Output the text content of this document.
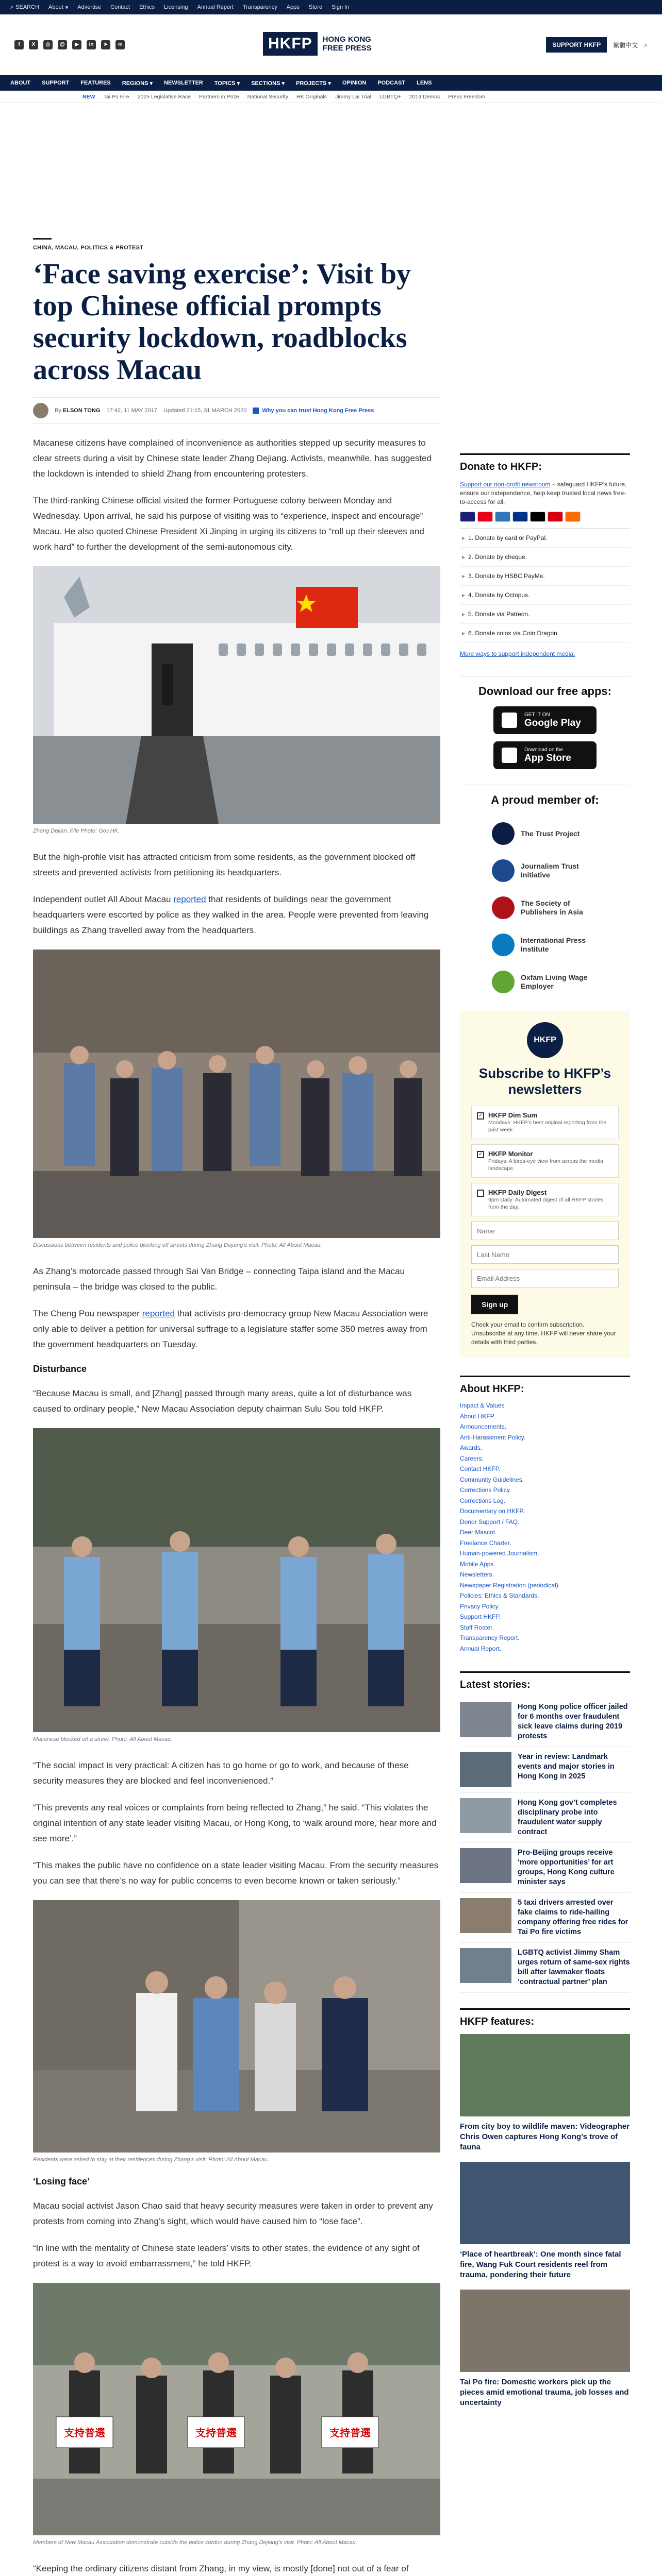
⌕ SEARCH About ▾ Advertise Contact Ethics Licensing Annual Report Transparency Apps Store Sign In
f	X	◎	@	▶	in	➤	≋	HKFP	HONG KONG
FREE PRESS	SUPPORT HKFP	繁體中文 ⌕
ABOUT SUPPORT FEATURES REGIONS ▾ NEWSLETTER TOPICS ▾ SECTIONS ▾ PROJECTS ▾ OPINION PODCAST LENS
NEW Tai Po Fire 2025 Legislative Race Partners in Prize National Security HK Originals Jimmy Lai Trial LGBTQ+ 2019 Demos Press Freedom
CHINA, MACAU, POLITICS & PROTEST
‘Face saving exercise’: Visit by top Chinese official prompts security lockdown, roadblocks across Macau
By ELSON TONG 17:42, 11 MAY 2017 Updated 21:15, 31 MARCH 2020	Why you can trust Hong Kong Free Press

Macanese citizens have complained of inconvenience as authorities stepped up security measures to clear streets during a visit by Chinese state leader Zhang Dejiang. Activists, meanwhile, has suggested the lockdown is intended to shield Zhang from encountering protesters.

The third-ranking Chinese official visited the former Portuguese colony between Monday and Wednesday. Upon arrival, he said his purpose of visiting was to “experience, inspect and encourage” Macau. He also quoted Chinese President Xi Jinping in urging its citizens to “roll up their sleeves and work hard” to further the development of the semi-autonomous city.

Zhang Dejian. File Photo: Gov.HK.

But the high-profile visit has attracted criticism from some residents, as the government blocked off streets and prevented activists from petitioning its headquarters.

Independent outlet All About Macau reported that residents of buildings near the government headquarters were escorted by police as they walked in the area. People were prevented from leaving buildings as Zhang travelled away from the headquarters.

Discussions between residents and police blocking off streets during Zhang Dejiang’s visit. Photo: All About Macau.

As Zhang’s motorcade passed through Sai Van Bridge – connecting Taipa island and the Macau peninsula – the bridge was closed to the public.

The Cheng Pou newspaper reported that activists pro-democracy group New Macau Association were only able to deliver a petition for universal suffrage to a legislature staffer some 350 metres away from the government headquarters on Tuesday.

Disturbance

“Because Macau is small, and [Zhang] passed through many areas, quite a lot of disturbance was caused to ordinary people,” New Macau Association deputy chairman Sulu Sou told HKFP.

Macanese blocked off a street. Photo: All About Macau.

“The social impact is very practical: A citizen has to go home or go to work, and because of these security measures they are blocked and feel inconvenienced.”

“This prevents any real voices or complaints from being reflected to Zhang,” he said. “This violates the original intention of any state leader visiting Macau, or Hong Kong, to ‘walk around more, hear more and see more’.”

“This makes the public have no confidence on a state leader visiting Macau. From the security measures you can see that there’s no way for public concerns to even become known or taken seriously.”

Residents were asked to stay at their residences during Zhang’s visit. Photo: All About Macau.
‘Losing face’

Macau social activist Jason Chao said that heavy security measures were taken in order to prevent any protests from coming into Zhang’s sight, which would have caused him to “lose face”.

“In line with the mentality of Chinese state leaders’ visits to other states, the evidence of any sight of protest is a way to avoid embarrassment,” he told HKFP.

支持普選	支持普選	支持普選
Members of New Macau Association demonstrate outside the police cordon during Zhang Dejiang’s visit. Photo: All About Macau.

“Keeping the ordinary citizens distant from Zhang, in my view, is mostly [done] not out of a fear of

Donate to HKFP:
Support our non-profit newsroom – safeguard HKFP’s future, ensure our independence, help keep trusted local news free-to-access for all.
▸ 1. Donate by card or PayPal.
▸ 2. Donate by cheque.
▸ 3. Donate by HSBC PayMe.
▸ 4. Donate by Octopus.
▸ 5. Donate via Patreon.
▸ 6. Donate coins via Coin Dragon.
More ways to support independent media.
Download our free apps:
GET IT ON
Google Play
Download on the
App Store
A proud member of:
The Trust Project
Journalism Trust Initiative
The Society of Publishers in Asia
International Press Institute
Oxfam Living Wage Employer
HKFP
Subscribe to HKFP’s newsletters
✓ HKFP Dim Sum
Mondays: HKFP’s best original reporting from the past week.
✓ HKFP Monitor
Fridays: A birds-eye view from across the media landscape.
HKFP Daily Digest
9pm Daily: Automated digest of all HKFP stories from the day.
Name Last Name Email Address
Sign up
Check your email to confirm subscription. Unsubscribe at any time. HKFP will never share your details with third parties.
About HKFP:
Impact & Values
About HKFP.
Announcements.
Anti-Harassment Policy.
Awards.
Careers.
Contact HKFP.
Community Guidelines.
Corrections Policy.
Corrections Log.
Documentary on HKFP.
Donor Support / FAQ.
Deer Mascot.
Freelance Charter.
Human-powered Journalism.
Mobile Apps.
Newsletters.
Newspaper Registration (periodical).
Policies: Ethics & Standards.
Privacy Policy.
Support HKFP.
Staff Roster.
Transparency Report.
Annual Report.
Latest stories:
Hong Kong police officer jailed for 6 months over fraudulent sick leave claims during 2019 protests
Year in review: Landmark events and major stories in Hong Kong in 2025
Hong Kong gov’t completes disciplinary probe into fraudulent water supply contract
Pro-Beijing groups receive ‘more opportunities’ for art groups, Hong Kong culture minister says
5 taxi drivers arrested over fake claims to ride-hailing company offering free rides for Tai Po fire victims
LGBTQ activist Jimmy Sham urges return of same-sex rights bill after lawmaker floats ‘contractual partner’ plan
HKFP features:
From city boy to wildlife maven: Videographer Chris Owen captures Hong Kong’s trove of fauna
‘Place of heartbreak’: One month since fatal fire, Wang Fuk Court residents reel from trauma, pondering their future
Tai Po fire: Domestic workers pick up the pieces amid emotional trauma, job losses and uncertainty
